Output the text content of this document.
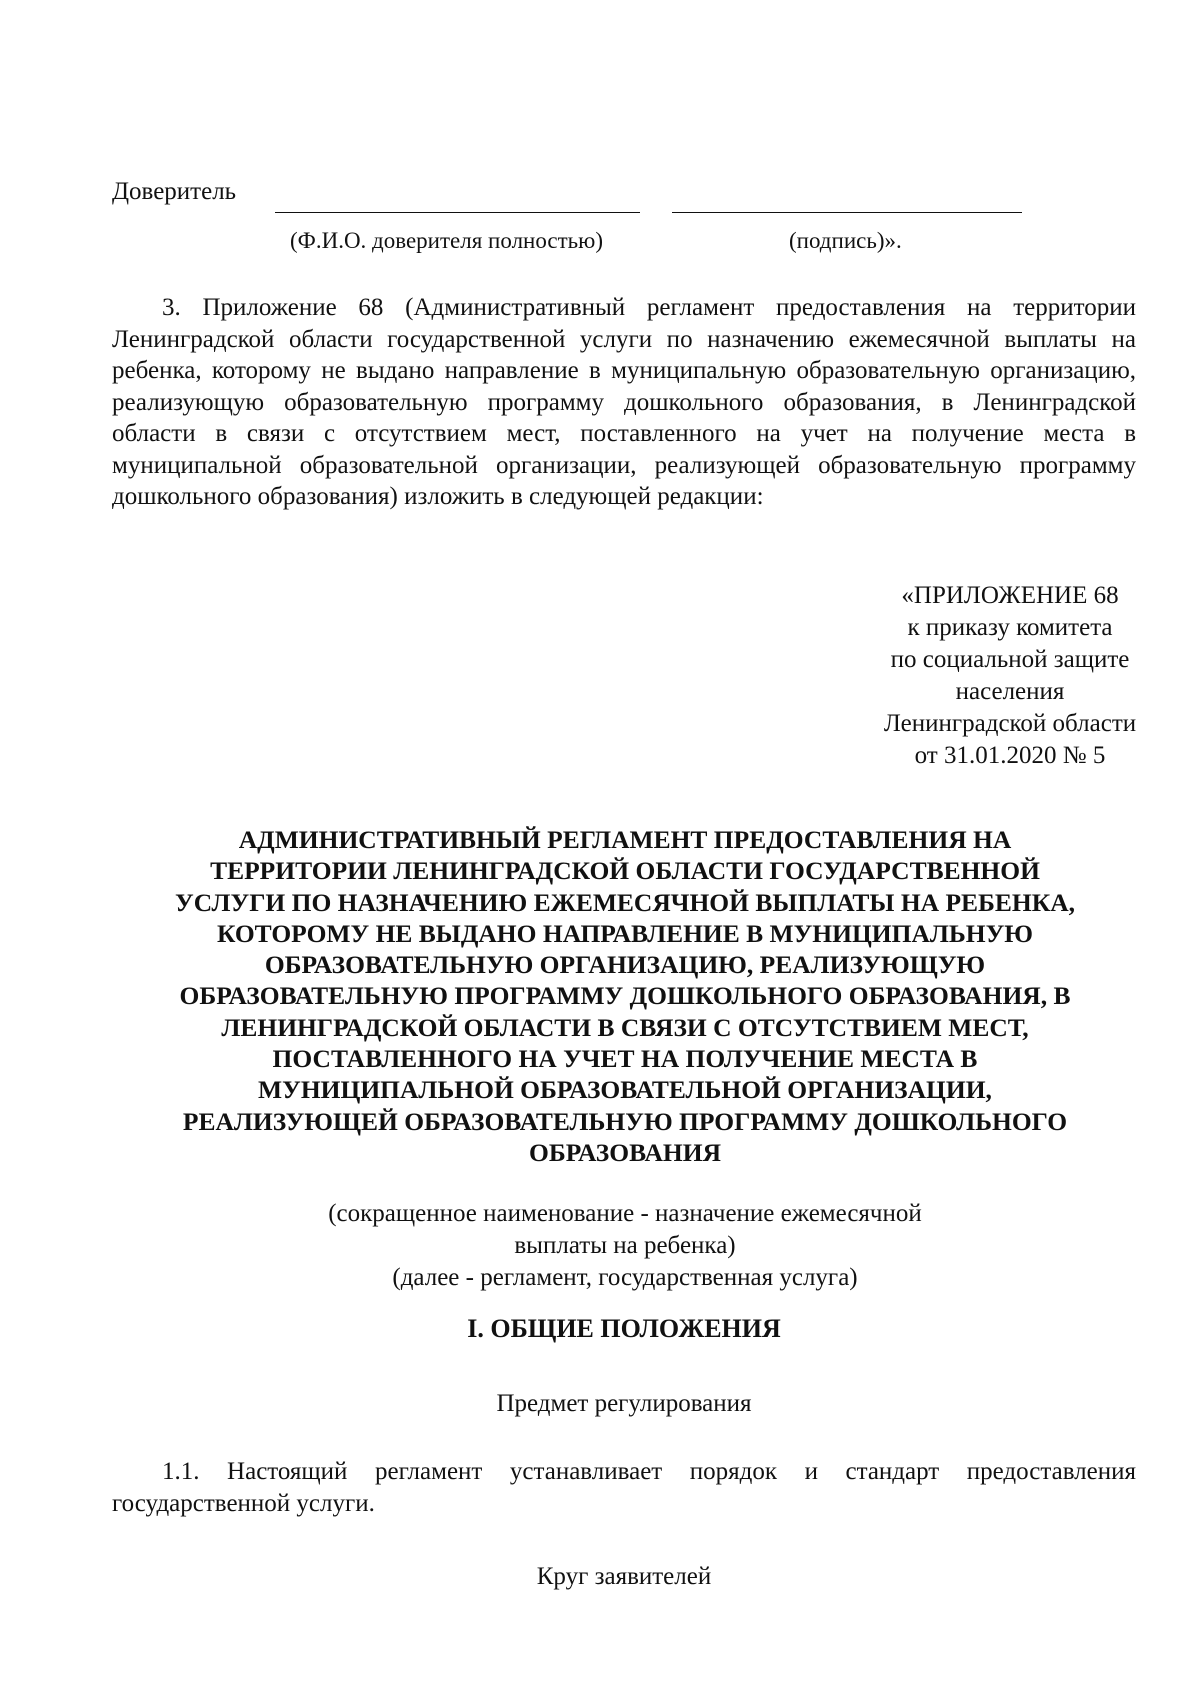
Доверитель
(Ф.И.О. доверителя полностью)	(подпись)».
3. Приложение 68 (Административный регламент предоставления на территории Ленинградской области государственной услуги по назначению ежемесячной выплаты на ребенка, которому не выдано направление в муниципальную образовательную организацию, реализующую образовательную программу дошкольного образования, в Ленинградской области в связи с отсутствием мест, поставленного на учет на получение места в муниципальной образовательной организации, реализующей образовательную программу дошкольного образования) изложить в следующей редакции:
«ПРИЛОЖЕНИЕ 68
к приказу комитета
по социальной защите
населения
Ленинградской области
от 31.01.2020 № 5
АДМИНИСТРАТИВНЫЙ РЕГЛАМЕНТ ПРЕДОСТАВЛЕНИЯ НА
ТЕРРИТОРИИ ЛЕНИНГРАДСКОЙ ОБЛАСТИ ГОСУДАРСТВЕННОЙ
УСЛУГИ ПО НАЗНАЧЕНИЮ ЕЖЕМЕСЯЧНОЙ ВЫПЛАТЫ НА РЕБЕНКА,
КОТОРОМУ НЕ ВЫДАНО НАПРАВЛЕНИЕ В МУНИЦИПАЛЬНУЮ
ОБРАЗОВАТЕЛЬНУЮ ОРГАНИЗАЦИЮ, РЕАЛИЗУЮЩУЮ
ОБРАЗОВАТЕЛЬНУЮ ПРОГРАММУ ДОШКОЛЬНОГО ОБРАЗОВАНИЯ, В
ЛЕНИНГРАДСКОЙ ОБЛАСТИ В СВЯЗИ С ОТСУТСТВИЕМ МЕСТ,
ПОСТАВЛЕННОГО НА УЧЕТ НА ПОЛУЧЕНИЕ МЕСТА В
МУНИЦИПАЛЬНОЙ ОБРАЗОВАТЕЛЬНОЙ ОРГАНИЗАЦИИ,
РЕАЛИЗУЮЩЕЙ ОБРАЗОВАТЕЛЬНУЮ ПРОГРАММУ ДОШКОЛЬНОГО
ОБРАЗОВАНИЯ
(сокращенное наименование - назначение ежемесячной
выплаты на ребенка)
(далее - регламент, государственная услуга)
I. ОБЩИЕ ПОЛОЖЕНИЯ
Предмет регулирования
1.1. Настоящий регламент устанавливает порядок и стандарт предоставления государственной услуги.
Круг заявителей
